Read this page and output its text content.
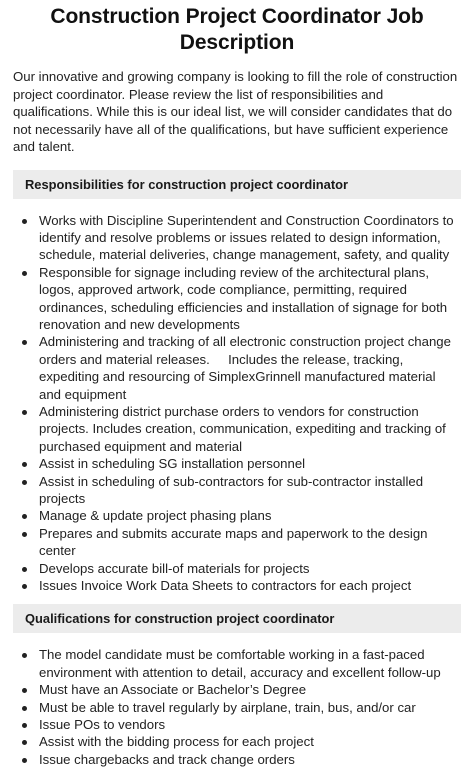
Construction Project Coordinator Job Description

Our innovative and growing company is looking to fill the role of construction project coordinator. Please review the list of responsibilities and qualifications. While this is our ideal list, we will consider candidates that do not necessarily have all of the qualifications, but have sufficient experience and talent.

Responsibilities for construction project coordinator
Works with Discipline Superintendent and Construction Coordinators to identify and resolve problems or issues related to design information, schedule, material deliveries, change management, safety, and quality
Responsible for signage including review of the architectural plans, logos, approved artwork, code compliance, permitting, required ordinances, scheduling efficiencies and installation of signage for both renovation and new developments
Administering and tracking of all electronic construction project change orders and material releases.     Includes the release, tracking, expediting and resourcing of SimplexGrinnell manufactured material and equipment
Administering district purchase orders to vendors for construction projects. Includes creation, communication, expediting and tracking of purchased equipment and material
Assist in scheduling SG installation personnel
Assist in scheduling of sub-contractors for sub-contractor installed projects
Manage & update project phasing plans
Prepares and submits accurate maps and paperwork to the design center
Develops accurate bill-of materials for projects
Issues Invoice Work Data Sheets to contractors for each project
Qualifications for construction project coordinator
The model candidate must be comfortable working in a fast-paced environment with attention to detail, accuracy and excellent follow-up
Must have an Associate or Bachelor’s Degree
Must be able to travel regularly by airplane, train, bus, and/or car
Issue POs to vendors
Assist with the bidding process for each project
Issue chargebacks and track change orders
